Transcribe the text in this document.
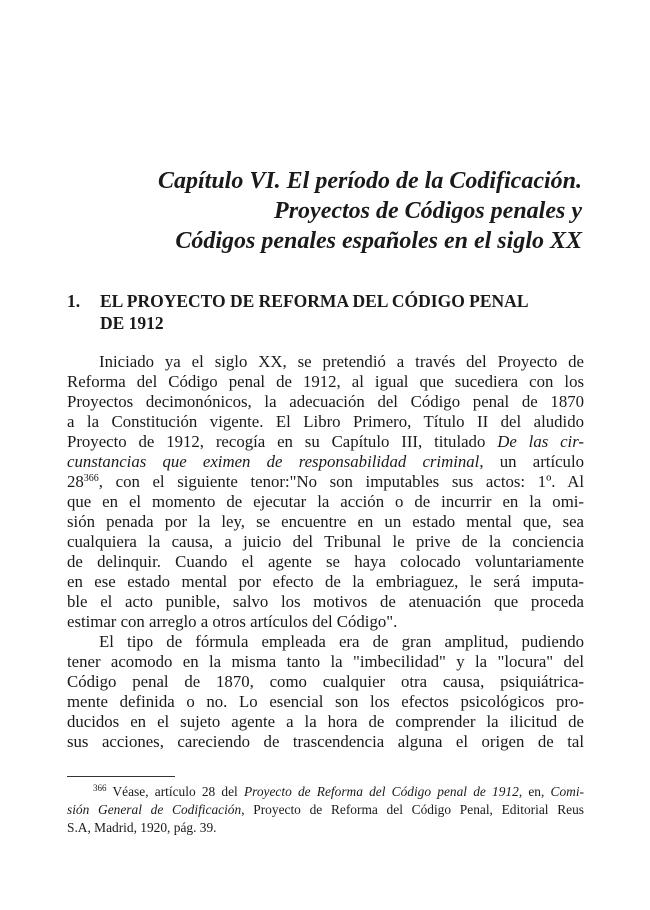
Capítulo VI. El período de la Codificación.
Proyectos de Códigos penales y
Códigos penales españoles en el siglo XX
1. EL PROYECTO DE REFORMA DEL CÓDIGO PENAL
DE 1912

Iniciado ya el siglo XX, se pretendió a través del Proyecto de
Reforma del Código penal de 1912, al igual que sucediera con los
Proyectos decimonónicos, la adecuación del Código penal de 1870
a la Constitución vigente. El Libro Primero, Título II del aludido
Proyecto de 1912, recogía en su Capítulo III, titulado De las cir-
cunstancias que eximen de responsabilidad criminal, un artículo
$28^{366}$, con el siguiente tenor:"No son imputables sus actos: 1º. Al
que en el momento de ejecutar la acción o de incurrir en la omi-
sión penada por la ley, se encuentre en un estado mental que, sea
cualquiera la causa, a juicio del Tribunal le prive de la conciencia
de delinquir. Cuando el agente se haya colocado voluntariamente
en ese estado mental por efecto de la embriaguez, le será imputa-
ble el acto punible, salvo los motivos de atenuación que proceda
estimar con arreglo a otros artículos del Código".

El tipo de fórmula empleada era de gran amplitud, pudiendo
tener acomodo en la misma tanto la "imbecilidad" y la "locura" del
Código penal de 1870, como cualquier otra causa, psiquiátrica-
mente definida o no. Lo esencial son los efectos psicológicos pro-
ducidos en el sujeto agente a la hora de comprender la ilicitud de
sus acciones, careciendo de trascendencia alguna el origen de tal

$^{366}$ Véase, artículo 28 del Proyecto de Reforma del Código penal de 1912, en, Comi-
sión General de Codificación, Proyecto de Reforma del Código Penal, Editorial Reus
S.A, Madrid, 1920, pág. 39.
